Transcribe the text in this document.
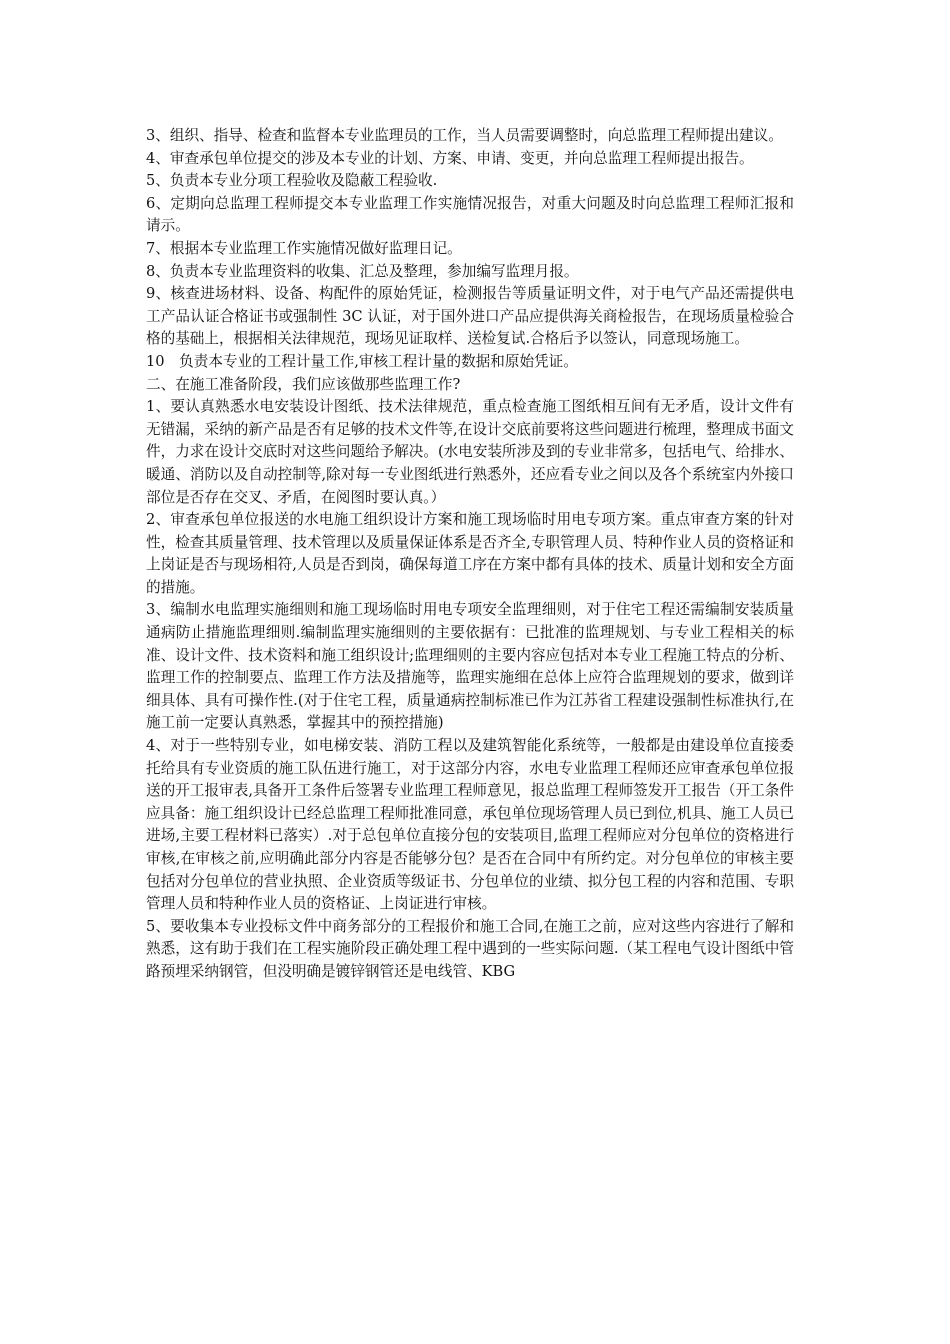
3、组织、指导、检查和监督本专业监理员的工作，当人员需要调整时，向总监理工程师提出建议。

4、审查承包单位提交的涉及本专业的计划、方案、申请、变更，并向总监理工程师提出报告。

5、负责本专业分项工程验收及隐蔽工程验收.

6、定期向总监理工程师提交本专业监理工作实施情况报告，对重大问题及时向总监理工程师汇报和请示。

7、根据本专业监理工作实施情况做好监理日记。

8、负责本专业监理资料的收集、汇总及整理，参加编写监理月报。

9、核查进场材料、设备、构配件的原始凭证，检测报告等质量证明文件，对于电气产品还需提供电工产品认证合格证书或强制性 3C 认证，对于国外进口产品应提供海关商检报告，在现场质量检验合格的基础上，根据相关法律规范，现场见证取样、送检复试.合格后予以签认，同意现场施工。

10　负责本专业的工程计量工作,审核工程计量的数据和原始凭证。

二、在施工准备阶段，我们应该做那些监理工作?

1、要认真熟悉水电安装设计图纸、技术法律规范，重点检查施工图纸相互间有无矛盾，设计文件有无错漏，采纳的新产品是否有足够的技术文件等,在设计交底前要将这些问题进行梳理，整理成书面文件，力求在设计交底时对这些问题给予解决。(水电安装所涉及到的专业非常多，包括电气、给排水、暖通、消防以及自动控制等,除对每一专业图纸进行熟悉外，还应看专业之间以及各个系统室内外接口部位是否存在交叉、矛盾，在阅图时要认真。）

2、审查承包单位报送的水电施工组织设计方案和施工现场临时用电专项方案。重点审查方案的针对性，检查其质量管理、技术管理以及质量保证体系是否齐全,专职管理人员、特种作业人员的资格证和上岗证是否与现场相符,人员是否到岗，确保每道工序在方案中都有具体的技术、质量计划和安全方面的措施。

3、编制水电监理实施细则和施工现场临时用电专项安全监理细则，对于住宅工程还需编制安装质量通病防止措施监理细则.编制监理实施细则的主要依据有：已批准的监理规划、与专业工程相关的标准、设计文件、技术资料和施工组织设计;监理细则的主要内容应包括对本专业工程施工特点的分析、监理工作的控制要点、监理工作方法及措施等，监理实施细在总体上应符合监理规划的要求，做到详细具体、具有可操作性.(对于住宅工程，质量通病控制标准已作为江苏省工程建设强制性标准执行,在施工前一定要认真熟悉，掌握其中的预控措施)

4、对于一些特别专业，如电梯安装、消防工程以及建筑智能化系统等，一般都是由建设单位直接委托给具有专业资质的施工队伍进行施工，对于这部分内容，水电专业监理工程师还应审查承包单位报送的开工报审表,具备开工条件后签署专业监理工程师意见，报总监理工程师签发开工报告（开工条件应具备：施工组织设计已经总监理工程师批准同意，承包单位现场管理人员已到位,机具、施工人员已进场,主要工程材料已落实）.对于总包单位直接分包的安装项目,监理工程师应对分包单位的资格进行审核,在审核之前,应明确此部分内容是否能够分包？是否在合同中有所约定。对分包单位的审核主要包括对分包单位的营业执照、企业资质等级证书、分包单位的业绩、拟分包工程的内容和范围、专职管理人员和特种作业人员的资格证、上岗证进行审核。

5、要收集本专业投标文件中商务部分的工程报价和施工合同,在施工之前，应对这些内容进行了解和熟悉，这有助于我们在工程实施阶段正确处理工程中遇到的一些实际问题.（某工程电气设计图纸中管路预埋采纳钢管，但没明确是镀锌钢管还是电线管、KBG
